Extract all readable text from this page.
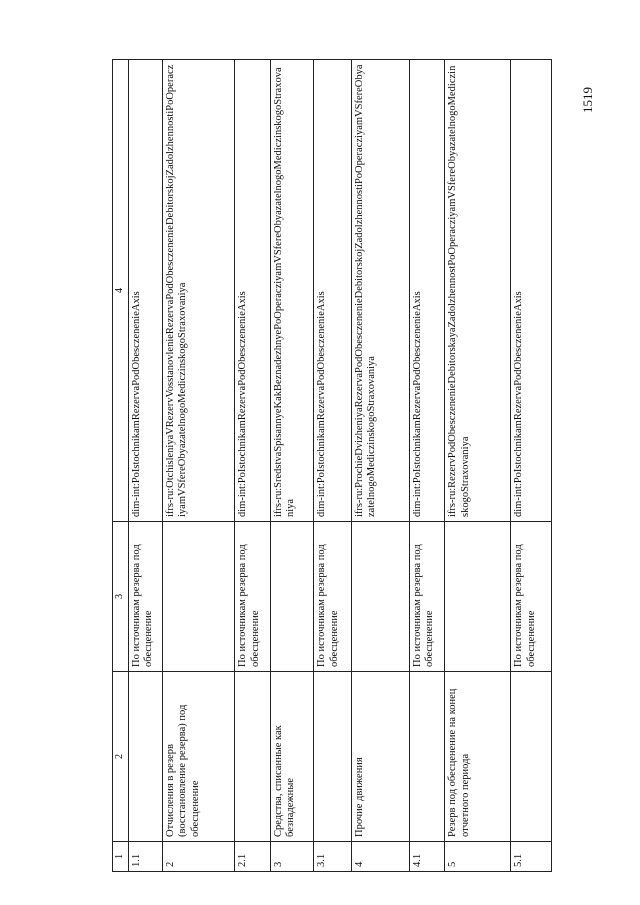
1519
1	2	3	4
1.1		По источникам резерва под обесценение	dim-int:PoIstochnikamRezervaPodObesczenenieAxis
2	Отчисления в резерв (восстановление резерва) под обесценение		ifrs-ru:OtchisleniyaVRezervVosstanovlenieRezervaPodObesczenenieDebitorskojZadolzhennostiPoOperacziyamVSfereObyazatelnogoMediczinskogoStraxovaniya
2.1		По источникам резерва под обесценение	dim-int:PoIstochnikamRezervaPodObesczenenieAxis
3	Средства, списанные как безнадежные		ifrs-ru:SredstvaSpisannyeKakBeznadezhnyePoOperacziyamVSfereObyazatelnogoMediczinskogoStraxovaniya
3.1		По источникам резерва под обесценение	dim-int:PoIstochnikamRezervaPodObesczenenieAxis
4	Прочие движения		ifrs-ru:ProchieDvizheniyaRezervaPodObesczenenieDebitorskojZadolzhennostiPoOperacziyamVSfereObyazatelnogoMediczinskogoStraxovaniya
4.1		По источникам резерва под обесценение	dim-int:PoIstochnikamRezervaPodObesczenenieAxis
5	Резерв под обесценение на конец отчетного периода		ifrs-ru:RezervPodObesczenenieDebitorskayaZadolzhennostPoOperacziyamVSfereObyazatelnogoMediczinskogoStraxovaniya
5.1		По источникам резерва под обесценение	dim-int:PoIstochnikamRezervaPodObesczenenieAxis
